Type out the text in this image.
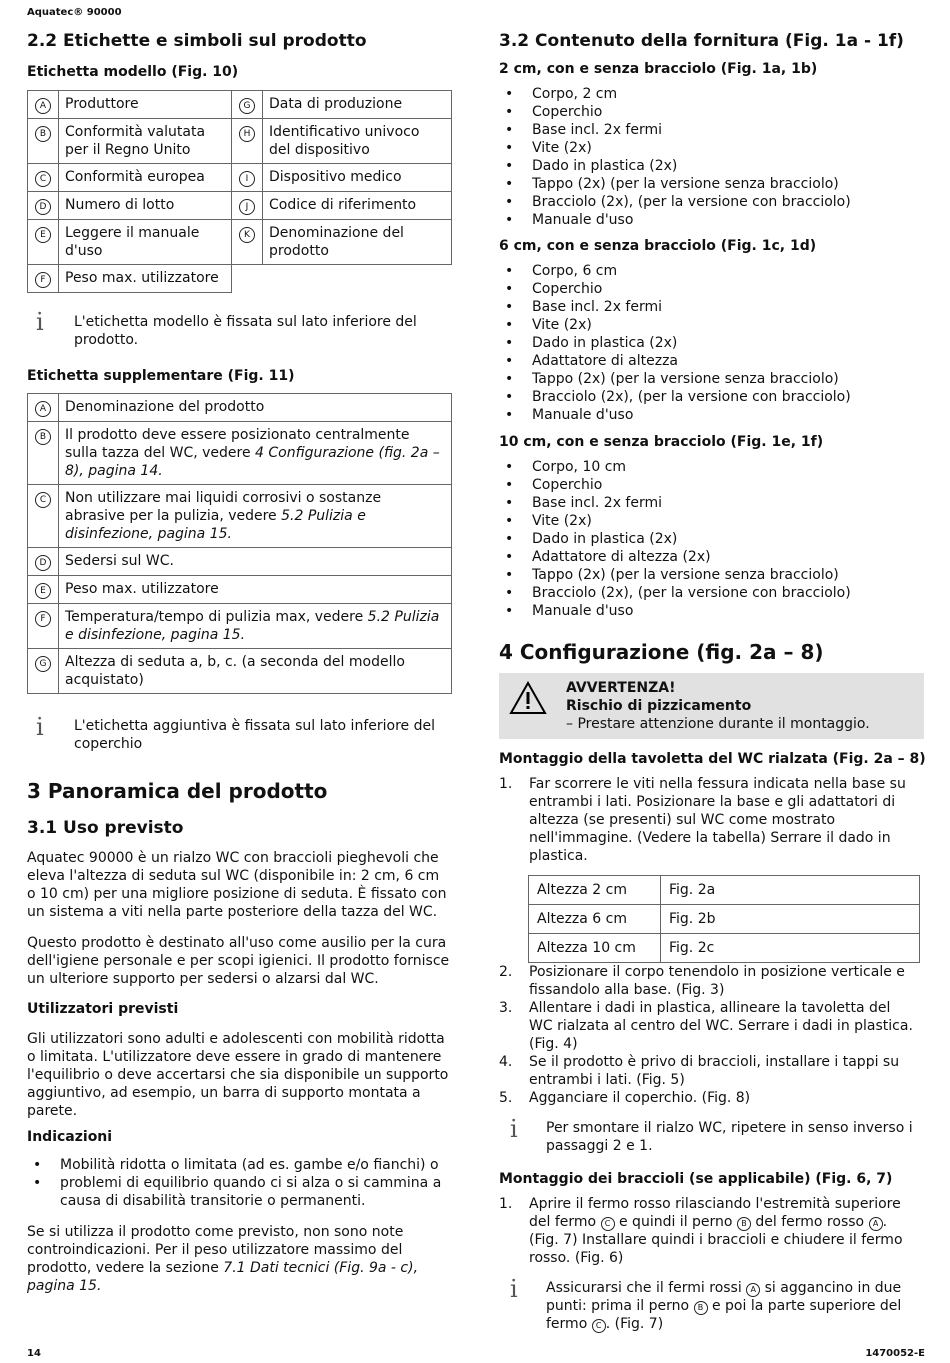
Aquatec® 90000
2.2 Etichette e simboli sul prodotto
Etichetta modello (Fig. 10)
A	Produttore	G	Data di produzione
B	Conformità valutata per il Regno Unito	H	Identificativo univoco del dispositivo
C	Conformità europea	I	Dispositivo medico
D	Numero di lotto	J	Codice di riferimento
E	Leggere il manuale d'uso	K	Denominazione del prodotto
F	Peso max. utilizzatore		
i L'etichetta modello è fissata sul lato inferiore del prodotto.
Etichetta supplementare (Fig. 11)
A	Denominazione del prodotto
B	Il prodotto deve essere posizionato centralmente sulla tazza del WC, vedere 4 Configurazione (fig. 2a – 8), pagina 14.
C	Non utilizzare mai liquidi corrosivi o sostanze abrasive per la pulizia, vedere 5.2 Pulizia e disinfezione, pagina 15.
D	Sedersi sul WC.
E	Peso max. utilizzatore
F	Temperatura/tempo di pulizia max, vedere 5.2 Pulizia e disinfezione, pagina 15.
G	Altezza di seduta a, b, c. (a seconda del modello acquistato)
i L'etichetta aggiuntiva è fissata sul lato inferiore del coperchio
3 Panoramica del prodotto
3.1 Uso previsto
Aquatec 90000 è un rialzo WC con braccioli pieghevoli che eleva l'altezza di seduta sul WC (disponibile in: 2 cm, 6 cm o 10 cm) per una migliore posizione di seduta. È fissato con un sistema a viti nella parte posteriore della tazza del WC.
Questo prodotto è destinato all'uso come ausilio per la cura dell'igiene personale e per scopi igienici. Il prodotto fornisce un ulteriore supporto per sedersi o alzarsi dal WC.
Utilizzatori previsti
Gli utilizzatori sono adulti e adolescenti con mobilità ridotta o limitata. L'utilizzatore deve essere in grado di mantenere l'equilibrio o deve accertarsi che sia disponibile un supporto aggiuntivo, ad esempio, un barra di supporto montata a parete.
Indicazioni
• Mobilità ridotta o limitata (ad es. gambe e/o fianchi) o
• problemi di equilibrio quando ci si alza o si cammina a causa di disabilità transitorie o permanenti.
Se si utilizza il prodotto come previsto, non sono note controindicazioni. Per il peso utilizzatore massimo del prodotto, vedere la sezione 7.1 Dati tecnici (Fig. 9a - c), pagina 15.
3.2 Contenuto della fornitura (Fig. 1a - 1f)
2 cm, con e senza bracciolo (Fig. 1a, 1b)
• Corpo, 2 cm
• Coperchio
• Base incl. 2x fermi
• Vite (2x)
• Dado in plastica (2x)
• Tappo (2x) (per la versione senza bracciolo)
• Bracciolo (2x), (per la versione con bracciolo)
• Manuale d'uso
6 cm, con e senza bracciolo (Fig. 1c, 1d)
• Corpo, 6 cm
• Coperchio
• Base incl. 2x fermi
• Vite (2x)
• Dado in plastica (2x)
• Adattatore di altezza
• Tappo (2x) (per la versione senza bracciolo)
• Bracciolo (2x), (per la versione con bracciolo)
• Manuale d'uso
10 cm, con e senza bracciolo (Fig. 1e, 1f)
• Corpo, 10 cm
• Coperchio
• Base incl. 2x fermi
• Vite (2x)
• Dado in plastica (2x)
• Adattatore di altezza (2x)
• Tappo (2x) (per la versione senza bracciolo)
• Bracciolo (2x), (per la versione con bracciolo)
• Manuale d'uso
4 Configurazione (fig. 2a – 8)
AVVERTENZA!
Rischio di pizzicamento
– Prestare attenzione durante il montaggio.
Montaggio della tavoletta del WC rialzata (Fig. 2a – 8)
1. Far scorrere le viti nella fessura indicata nella base su entrambi i lati. Posizionare la base e gli adattatori di altezza (se presenti) sul WC come mostrato nell'immagine. (Vedere la tabella) Serrare il dado in plastica.
Altezza 2 cm	Fig. 2a
Altezza 6 cm	Fig. 2b
Altezza 10 cm	Fig. 2c
2. Posizionare il corpo tenendolo in posizione verticale e fissandolo alla base. (Fig. 3)
3. Allentare i dadi in plastica, allineare la tavoletta del WC rialzata al centro del WC. Serrare i dadi in plastica. (Fig. 4)
4. Se il prodotto è privo di braccioli, installare i tappi su entrambi i lati. (Fig. 5)
5. Agganciare il coperchio. (Fig. 8)
i Per smontare il rialzo WC, ripetere in senso inverso i passaggi 2 e 1.
Montaggio dei braccioli (se applicabile) (Fig. 6, 7)
1. Aprire il fermo rosso rilasciando l'estremità superiore del fermo C e quindi il perno B del fermo rosso A . (Fig. 7) Installare quindi i braccioli e chiudere il fermo rosso. (Fig. 6)
i Assicurarsi che il fermi rossi A si aggancino in due punti: prima il perno B e poi la parte superiore del fermo C . (Fig. 7)
14	1470052-E
